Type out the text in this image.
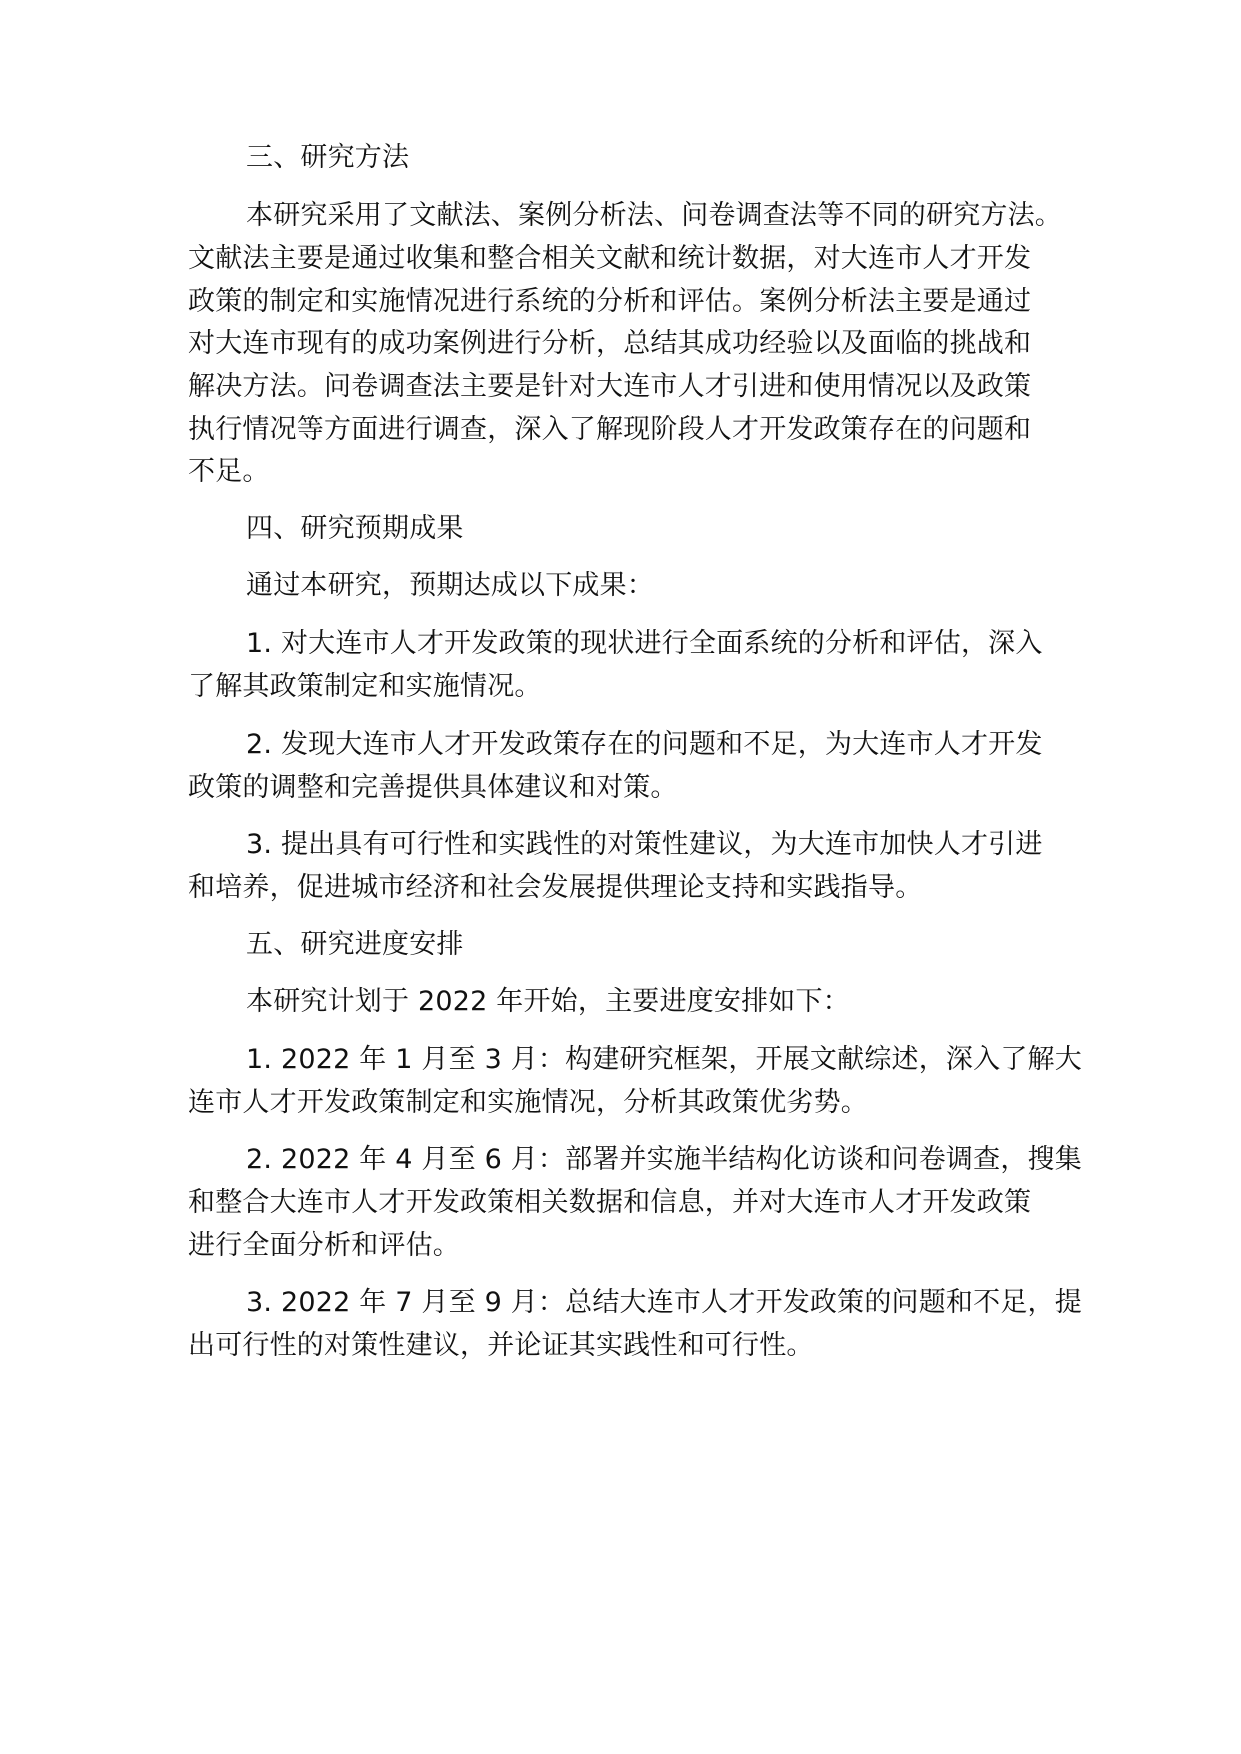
三、研究方法
本研究采用了文献法、案例分析法、问卷调查法等不同的研究方法。
文献法主要是通过收集和整合相关文献和统计数据，对大连市人才开发
政策的制定和实施情况进行系统的分析和评估。案例分析法主要是通过
对大连市现有的成功案例进行分析，总结其成功经验以及面临的挑战和
解决方法。问卷调查法主要是针对大连市人才引进和使用情况以及政策
执行情况等方面进行调查，深入了解现阶段人才开发政策存在的问题和
不足。
四、研究预期成果
通过本研究，预期达成以下成果：
1. 对大连市人才开发政策的现状进行全面系统的分析和评估，深入
了解其政策制定和实施情况。
2. 发现大连市人才开发政策存在的问题和不足，为大连市人才开发
政策的调整和完善提供具体建议和对策。
3. 提出具有可行性和实践性的对策性建议，为大连市加快人才引进
和培养，促进城市经济和社会发展提供理论支持和实践指导。
五、研究进度安排
本研究计划于 2022 年开始，主要进度安排如下：
1. 2022 年 1 月至 3 月：构建研究框架，开展文献综述，深入了解大
连市人才开发政策制定和实施情况，分析其政策优劣势。
2. 2022 年 4 月至 6 月：部署并实施半结构化访谈和问卷调查，搜集
和整合大连市人才开发政策相关数据和信息，并对大连市人才开发政策
进行全面分析和评估。
3. 2022 年 7 月至 9 月：总结大连市人才开发政策的问题和不足，提
出可行性的对策性建议，并论证其实践性和可行性。
